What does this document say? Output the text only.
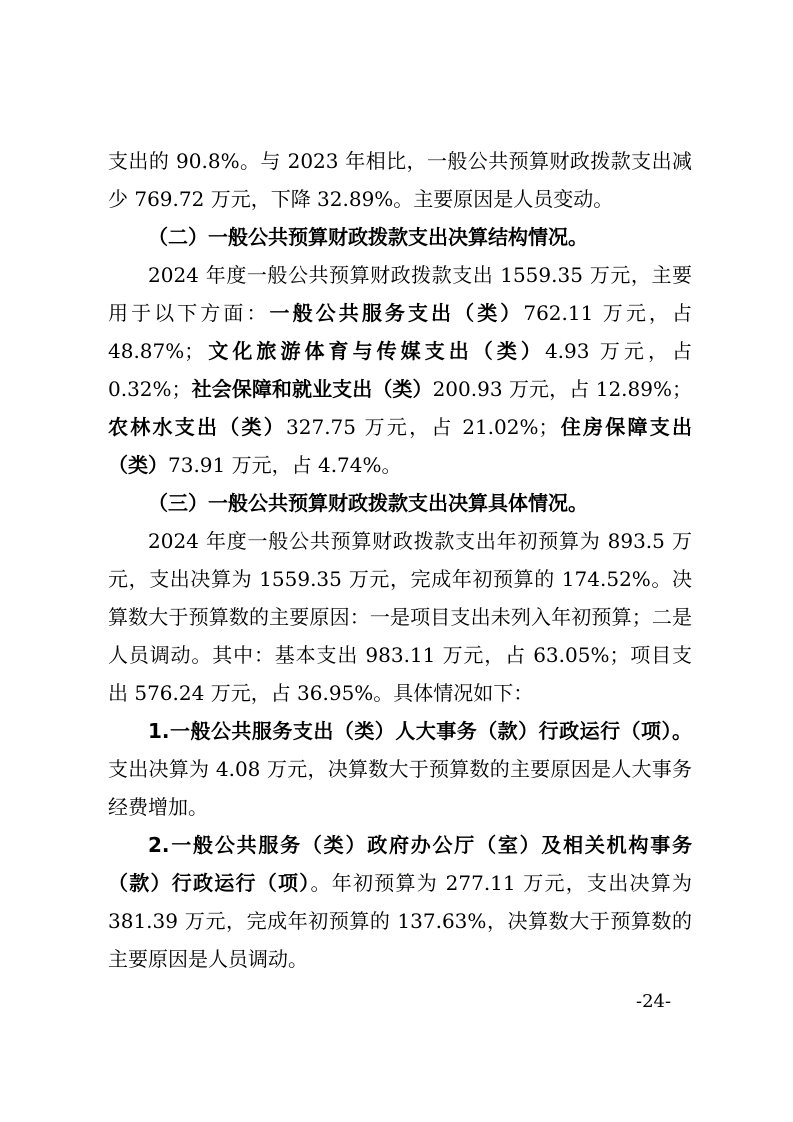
支出的 90.8%。与 2023 年相比，一般公共预算财政拨款支出减少 769.72 万元，下降 32.89%。主要原因是人员变动。

（二）一般公共预算财政拨款支出决算结构情况。

2024 年度一般公共预算财政拨款支出 1559.35 万元，主要用于以下方面：一般公共服务支出（类）762.11 万元，占 48.87%；文化旅游体育与传媒支出（类）4.93 万元，占 0.32%；社会保障和就业支出（类）200.93 万元，占 12.89%；农林水支出（类）327.75 万元，占 21.02%；住房保障支出（类）73.91 万元，占 4.74%。

（三）一般公共预算财政拨款支出决算具体情况。

2024 年度一般公共预算财政拨款支出年初预算为 893.5 万元，支出决算为 1559.35 万元，完成年初预算的 174.52%。决算数大于预算数的主要原因：一是项目支出未列入年初预算；二是人员调动。其中：基本支出 983.11 万元，占 63.05%；项目支出 576.24 万元，占 36.95%。具体情况如下：

1.一般公共服务支出（类）人大事务（款）行政运行（项）。支出决算为 4.08 万元，决算数大于预算数的主要原因是人大事务经费增加。

2.一般公共服务（类）政府办公厅（室）及相关机构事务（款）行政运行（项）。年初预算为 277.11 万元，支出决算为 381.39 万元，完成年初预算的 137.63%，决算数大于预算数的主要原因是人员调动。

-24-
